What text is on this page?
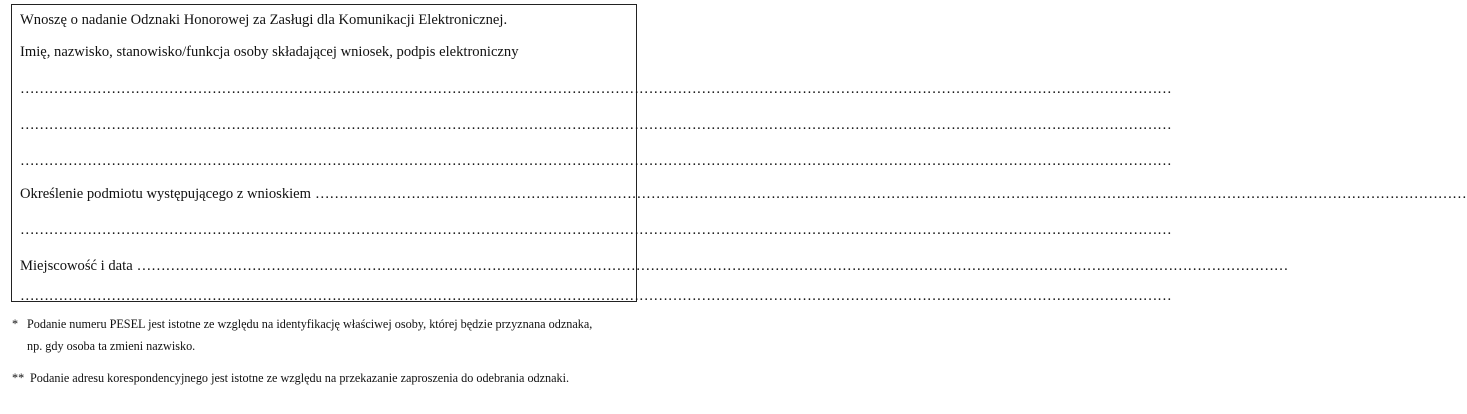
Wnoszę o nadanie Odznaki Honorowej za Zasługi dla Komunikacji Elektronicznej.
Imię, nazwisko, stanowisko/funkcja osoby składającej wniosek, podpis elektroniczny
……………………………………………………………………………………………………………………………………………………………………………………………………………………
……………………………………………………………………………………………………………………………………………………………………………………………………………………
……………………………………………………………………………………………………………………………………………………………………………………………………………………
Określenie podmiotu występującego z wnioskiem ……………………………………………………………………………………………………………………………………………………………………………………………………………………
……………………………………………………………………………………………………………………………………………………………………………………………………………………
Miejscowość i data ……………………………………………………………………………………………………………………………………………………………………………………………………………………
……………………………………………………………………………………………………………………………………………………………………………………………………………………
* Podanie numeru PESEL jest istotne ze względu na identyfikację właściwej osoby, której będzie przyznana odznaka,
np. gdy osoba ta zmieni nazwisko.
** Podanie adresu korespondencyjnego jest istotne ze względu na przekazanie zaproszenia do odebrania odznaki.
